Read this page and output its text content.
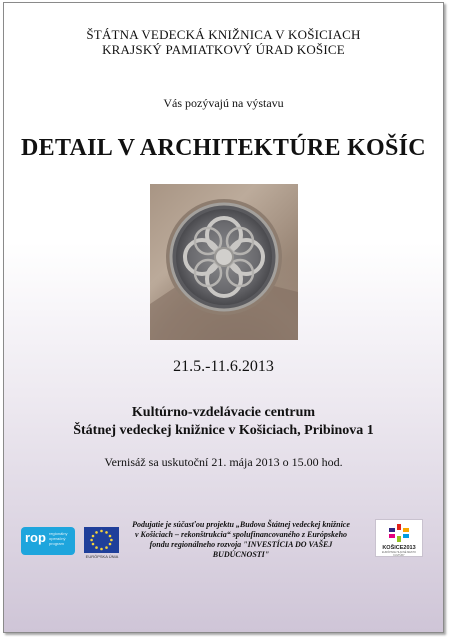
ŠTÁTNA VEDECKÁ KNIŽNICA V KOŠICIACH
KRAJSKÝ PAMIATKOVÝ ÚRAD KOŠICE
Vás pozývajú na výstavu
DETAIL V ARCHITEKTÚRE KOŠÍC
21.5.-11.6.2013
Kultúrno-vzdelávacie centrum
Štátnej vedeckej knižnice v Košiciach, Pribinova 1
Vernisáž sa uskutoční 21. mája 2013 o 15.00 hod.
rop regionálny operačný program
EURÓPSKA ÚNIA
Podujatie je súčasťou projektu „Budova Štátnej vedeckej knižnice v Košiciach – rekonštrukcia“ spolufinancovaného z Európskeho fondu regionálneho rozvoja "INVESTÍCIA DO VAŠEJ BUDÚCNOSTI"
KOŠICE2013
EURÓPSKE HLAVNÉ MESTO KULTÚRY
